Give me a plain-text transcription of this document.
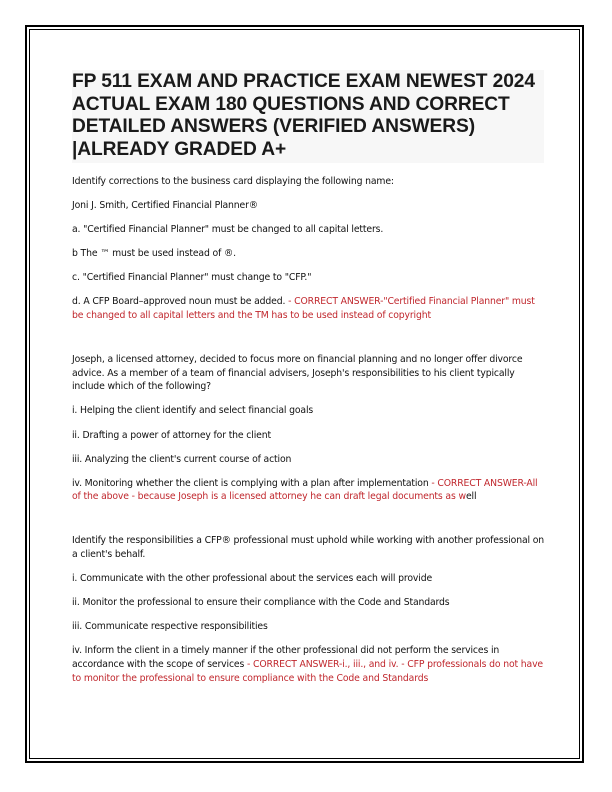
FP 511 EXAM AND PRACTICE EXAM NEWEST 2024 ACTUAL EXAM 180 QUESTIONS AND CORRECT DETAILED ANSWERS (VERIFIED ANSWERS) |ALREADY GRADED A+

Identify corrections to the business card displaying the following name:

Joni J. Smith, Certified Financial Planner®

a. "Certified Financial Planner" must be changed to all capital letters.

b The ™ must be used instead of ®.

c. "Certified Financial Planner" must change to "CFP."

d. A CFP Board–approved noun must be added. - CORRECT ANSWER-"Certified Financial Planner" must be changed to all capital letters and the TM has to be used instead of copyright

Joseph, a licensed attorney, decided to focus more on financial planning and no longer offer divorce advice. As a member of a team of financial advisers, Joseph's responsibilities to his client typically include which of the following?

i. Helping the client identify and select financial goals

ii. Drafting a power of attorney for the client

iii. Analyzing the client's current course of action

iv. Monitoring whether the client is complying with a plan after implementation - CORRECT ANSWER-All of the above - because Joseph is a licensed attorney he can draft legal documents as well

Identify the responsibilities a CFP® professional must uphold while working with another professional on a client's behalf.

i. Communicate with the other professional about the services each will provide

ii. Monitor the professional to ensure their compliance with the Code and Standards

iii. Communicate respective responsibilities

iv. Inform the client in a timely manner if the other professional did not perform the services in accordance with the scope of services - CORRECT ANSWER-i., iii., and iv. - CFP professionals do not have to monitor the professional to ensure compliance with the Code and Standards
